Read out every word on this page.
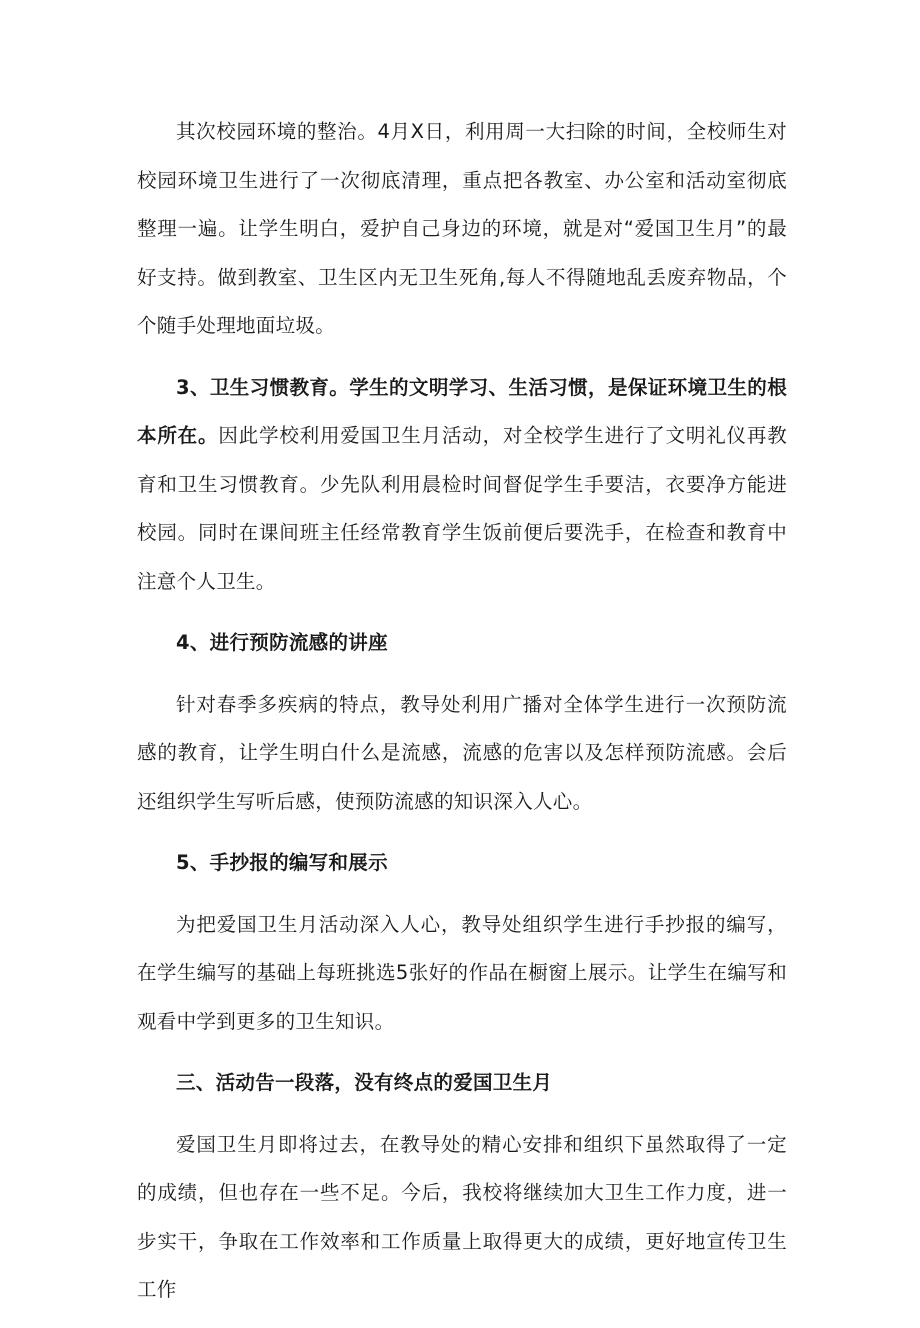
其次校园环境的整治。4月X日，利用周一大扫除的时间，全校师生对校园环境卫生进行了一次彻底清理，重点把各教室、办公室和活动室彻底整理一遍。让学生明白，爱护自己身边的环境，就是对“爱国卫生月”的最好支持。做到教室、卫生区内无卫生死角,每人不得随地乱丢废弃物品，个个随手处理地面垃圾。

3、卫生习惯教育。学生的文明学习、生活习惯，是保证环境卫生的根本所在。因此学校利用爱国卫生月活动，对全校学生进行了文明礼仪再教育和卫生习惯教育。少先队利用晨检时间督促学生手要洁，衣要净方能进校园。同时在课间班主任经常教育学生饭前便后要洗手，在检查和教育中注意个人卫生。

4、进行预防流感的讲座

针对春季多疾病的特点，教导处利用广播对全体学生进行一次预防流感的教育，让学生明白什么是流感，流感的危害以及怎样预防流感。会后还组织学生写听后感，使预防流感的知识深入人心。

5、手抄报的编写和展示

为把爱国卫生月活动深入人心，教导处组织学生进行手抄报的编写，在学生编写的基础上每班挑选5张好的作品在橱窗上展示。让学生在编写和观看中学到更多的卫生知识。

三、活动告一段落，没有终点的爱国卫生月

爱国卫生月即将过去，在教导处的精心安排和组织下虽然取得了一定的成绩，但也存在一些不足。今后，我校将继续加大卫生工作力度，进一步实干，争取在工作效率和工作质量上取得更大的成绩，更好地宣传卫生工作
